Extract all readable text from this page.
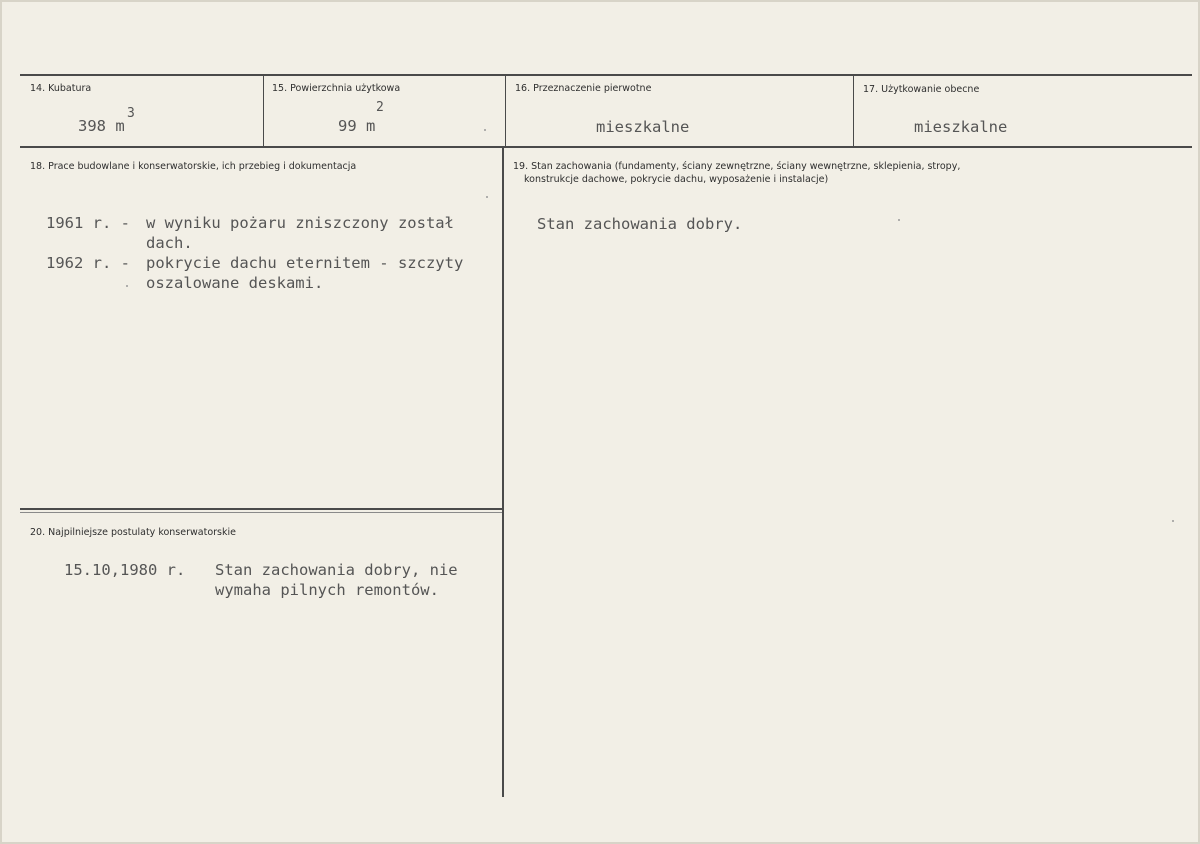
14. Kubatura
398 m
3
15. Powierzchnia użytkowa
99 m
2
16. Przeznaczenie pierwotne
mieszkalne
17. Użytkowanie obecne
mieszkalne
18. Prace budowlane i konserwatorskie, ich przebieg i dokumentacja
1961 r. - w wyniku pożaru zniszczony został
dach.
1962 r. - pokrycie dachu eternitem - szczyty
oszalowane deskami.
19. Stan zachowania (fundamenty, ściany zewnętrzne, ściany wewnętrzne, sklepienia, stropy,
konstrukcje dachowe, pokrycie dachu, wyposażenie i instalacje)
Stan zachowania dobry.
20. Najpilniejsze postulaty konserwatorskie
15.10,1980 r. Stan zachowania dobry, nie
wymaha pilnych remontów.
